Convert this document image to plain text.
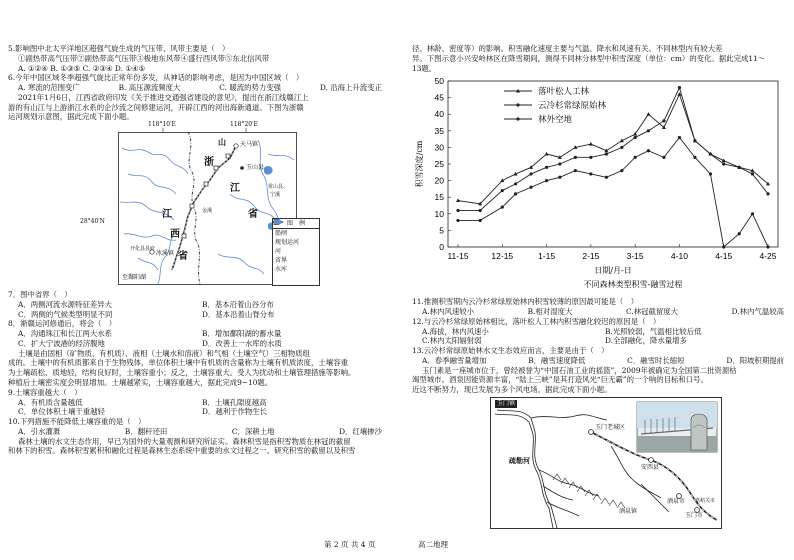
5.影响图中北太平洋地区超强气旋生成的气压带、风带主要是（　）
①副热带高气压带②副热带高气压带③极地东风带④盛行西风带⑤东北信风带
A. ①②④ B. ①③⑤ C. ②③④ D. ①④⑤
6.今年中国区域冬季超强气旋比正常年份多发，从神话的影响考虑，是因为中国区域（　）
A. 寒流的范围变广	B. 高压源流频度大	C. 暖流的势力变强	D. 沿海上升流变正
2021年1月6日，江西省政府印发《关于推进交通强省建设的意见》，提出在浙江线赣江上
游的有山江与上游浙江水系的企沙流之间修建运河，开辟江西的河出海新通道。下图为浙赣
运河规划示意图，据此完成下面小题。
118°10′E	118°20′E
28°40′N
山 天马镇
玉山县
浙
江
省
江
西
省
金溪
常山县、
宁溪
开化县县府
冰溪镇
至鄱阳湖
图　例
船闸
规划运河
河
省界
水库
7．图中省界（　）
A．两侧河流水源特征差异大	B．基本沿着山谷分布
C．两侧的气候类型明显不同	D．基本沿着山脊分布
8．渐赣运河修通后，将会（　）
A．沟通珠江和长江两大水系	B．增加鄱阳湖的蓄水量
C．扩大宁波港的经济腹地	D．改善上一水库的水质
土壤是由固相（矿物质、有机质）、液相（土壤水和溶液）和气相（土壤空气）三相物质组
成的。土壤中的有机质都来自于生物残体，单位体积土壤中有机质的含量称为土壤有机质浓度，土壤容重
为土壤疏松、质地轻，结构良好时，土壤容重小；反之，土壤容重大。受人为扰动和土壤管理措施等影响。
种植后土壤密实度会明显增加。土壤越紧实，土壤容重越大，据此完成9~10题。
9.土壤容重越大（　）
A．有机质含量越低	B．土壤孔隙度越高
C．单位体积土壤干重越轻	D．越利于作物生长
10.下列措施不能降低土壤容重的是（　）
A．引水灌溉	B．翻秆还田	C．深耕土地	D．红壤掺沙
森林土壤的水文生态作用，早已为国外的大量观测和研究所证实。森林积雪是指积雪物质在林冠的截留
和林下的积雪。森林积雪累积和融化过程是森林生态系统中重要的水文过程之一。研究积雪的截留以及积雪
径、林龄、密度等）的影响。积雪融化速度主要与气温、降水和风速有关。不同林型内有较大差
异。下图示意小兴安岭林区在降雪期间，测得不同林分林型中积雪深度（单位：cm）的变化。据此完成11～
13题。
0
5
10
15
20
25
30
35
40
45
50
11-15	12-15	1-15	2-15	3-15	4-10	4-15	4-25
积雪深度/cm
日期/月-日
不同森林类型积雪-融雪过程
落叶松人工林
云冷杉常绿原始林
林外空地
11.推测积雪期内云冷杉常绿原始林内积雪较薄的原因最可能是（　）
A.林内风速较小	B.相对湿度大	C.林冠截留度大	D.林内气温较高
12.与云冷杉常绿原始林相比，落叶松人工林内积雪融化较迟的原因是（　）
A.海拔，林内风速小	B.光照较弱，气温相比较后低
C.林内太阳辐射弱	D.全部融化，降水量增多
13.云冷杉常绿原始林水文生态效应而言，主要是由于（　）
A．春季融雪量增加	B．融雪速度降低	C．融雪时长缩短	D．阳坡积期提前
玉门素是一座城市位于，曾经被誉为“中国石油工业的摇篮”，2009年被确定为全国第二批资源枯
竭型城市。酒泉因能资源丰富，“陆上三峡”是其打造风光“巨无霸”的一个响的目标和口号。
近这不断努力，现已发展为多个风电场。据此完成下面小题。
玉门镇
玉门老城区
疏勒河
安西县
酒泉市
玉门市
嘉峪关市
酒泉镇
第 2 页 共 4 页	高二地理
